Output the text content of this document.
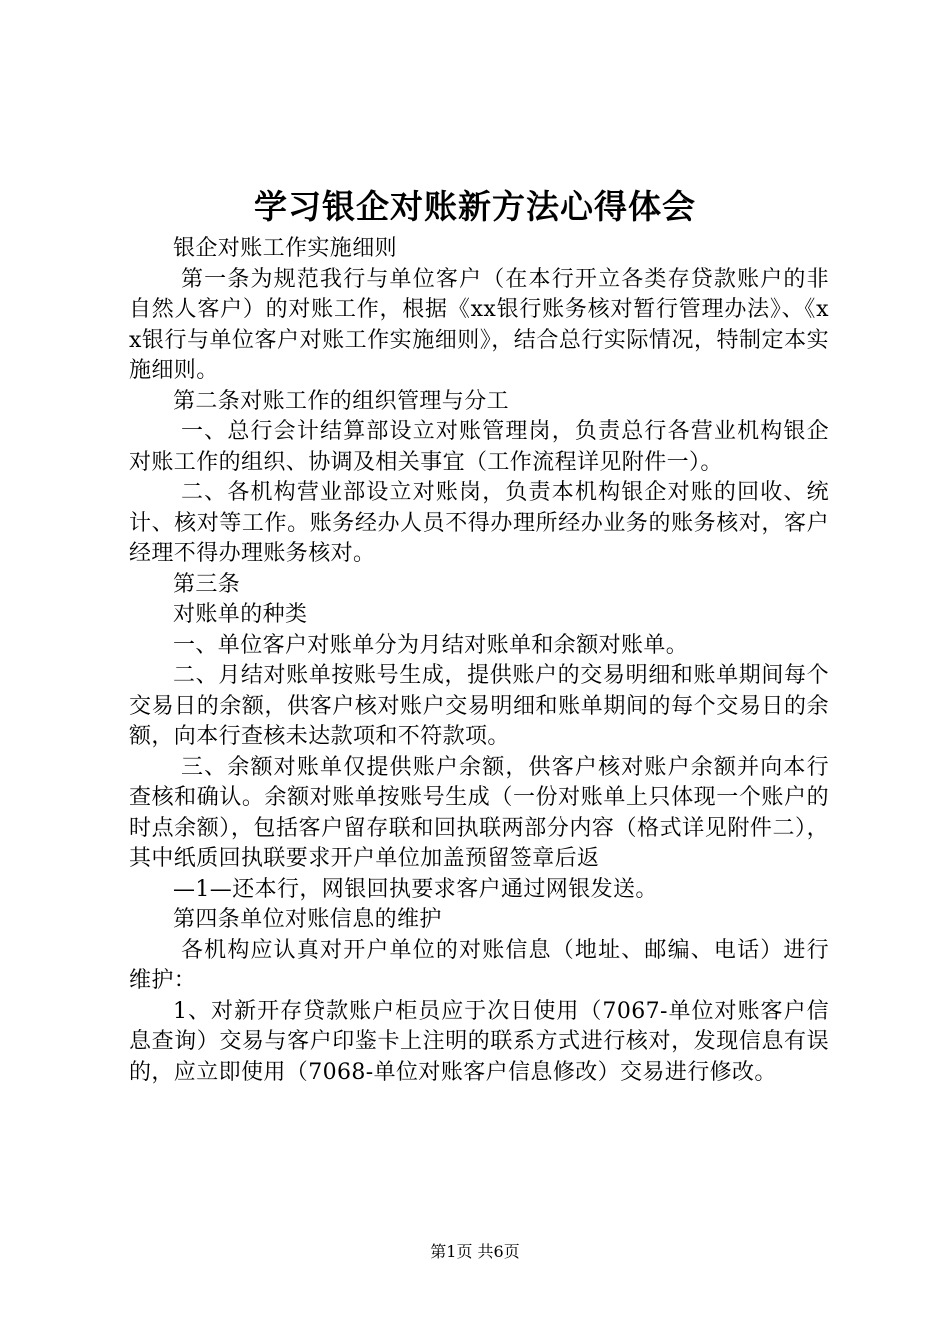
学习银企对账新方法心得体会

银企对账工作实施细则

第一条为规范我行与单位客户（在本行开立各类存贷款账户的非自然人客户）的对账工作，根据《xx银行账务核对暂行管理办法》、《xx银行与单位客户对账工作实施细则》，结合总行实际情况，特制定本实施细则。

第二条对账工作的组织管理与分工

一、总行会计结算部设立对账管理岗，负责总行各营业机构银企对账工作的组织、协调及相关事宜（工作流程详见附件一）。

二、各机构营业部设立对账岗，负责本机构银企对账的回收、统计、核对等工作。账务经办人员不得办理所经办业务的账务核对，客户经理不得办理账务核对。

第三条

对账单的种类

一、单位客户对账单分为月结对账单和余额对账单。

二、月结对账单按账号生成，提供账户的交易明细和账单期间每个交易日的余额，供客户核对账户交易明细和账单期间的每个交易日的余额，向本行查核未达款项和不符款项。

三、余额对账单仅提供账户余额，供客户核对账户余额并向本行查核和确认。余额对账单按账号生成（一份对账单上只体现一个账户的时点余额），包括客户留存联和回执联两部分内容（格式详见附件二），其中纸质回执联要求开户单位加盖预留签章后返

—1—还本行，网银回执要求客户通过网银发送。

第四条单位对账信息的维护

各机构应认真对开户单位的对账信息（地址、邮编、电话）进行维护：

1、对新开存贷款账户柜员应于次日使用（7067-单位对账客户信息查询）交易与客户印鉴卡上注明的联系方式进行核对，发现信息有误的，应立即使用（7068-单位对账客户信息修改）交易进行修改。

第1页 共6页
